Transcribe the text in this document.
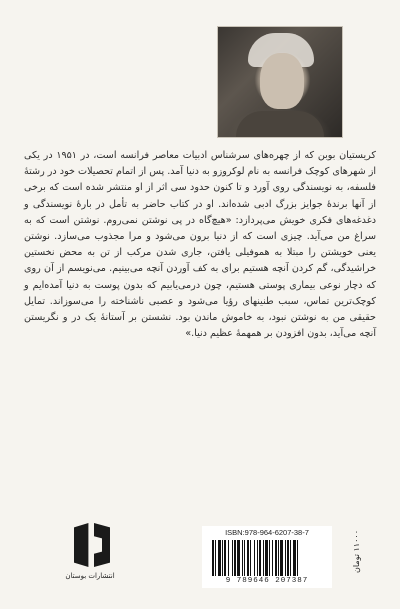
کریستیان بوبن که از چهره‌های سرشناس ادبیات معاصر فرانسه است، در ۱۹۵۱ در یکی از شهرهای کوچک فرانسه به نام لوکروزو به دنیا آمد. پس از اتمام تحصیلات خود در رشتهٔ فلسفه، به نویسندگی روی آورد و تا کنون حدود سی اثر از او منتشر شده است که برخی از آنها برندهٔ جوایز بزرگ ادبی شده‌اند. او در کتاب حاضر به تأمل در بارهٔ نویسندگی و دغدغه‌های فکری خویش می‌پردازد: «هیچ‌گاه در پی نوشتن نمی‌روم. نوشتن است که به سراغ من می‌آید. چیزی است که از دنیا برون می‌شود و مرا مجذوب می‌سازد. نوشتن یعنی خویشتن را مبتلا به هموفیلی یافتن، جاری شدن مرکب از تن به محض نخستین خراشیدگی، گم کردن آنچه هستیم برای به کف آوردن آنچه می‌بینیم. می‌نویسم از آن روی که دچار نوعی بیماری پوستی هستیم، چون درمی‌یابیم که بدون پوست به دنیا آمده‌ایم و کوچک‌ترین تماس، سبب طنینهای رؤیا می‌شود و عصبی ناشناخته را می‌سوزاند. تمایل حقیقی من به نوشتن نبود، به خاموش ماندن بود. نشستن بر آستانهٔ یک در و نگریستن آنچه می‌آید، بدون افزودن بر همهمهٔ عظیم دنیا.»

انتشارات بوستان
ISBN:978-964-6207-38-7
9 789646 207387
۱۱۰۰۰ تومان
